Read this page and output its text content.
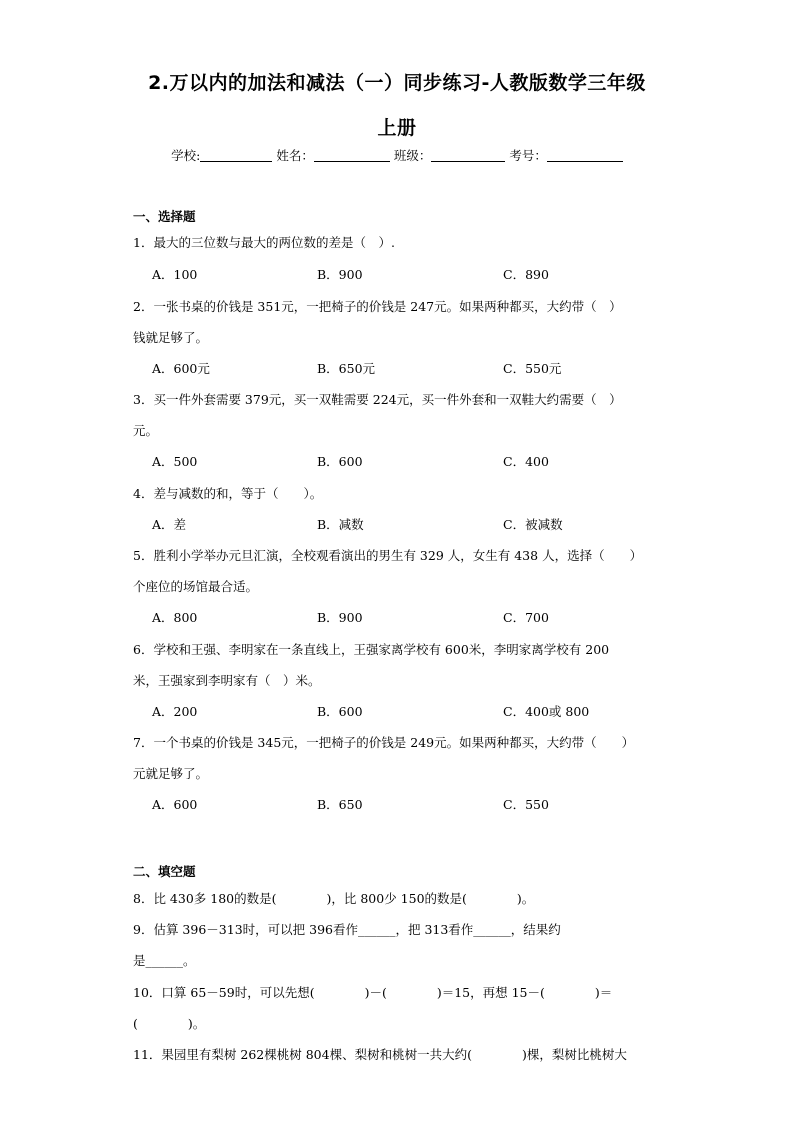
2.万以内的加法和减法（一）同步练习-人教版数学三年级
上册
学校:	姓名：	班级：	考号：
一、选择题
1．最大的三位数与最大的两位数的差是（　）.
A．100	B．900	C．890
2．一张书桌的价钱是 351元，一把椅子的价钱是 247元。如果两种都买，大约带（　）
钱就足够了。
A．600元	B．650元	C．550元
3．买一件外套需要 379元，买一双鞋需要 224元，买一件外套和一双鞋大约需要（　）
元。
A．500	B．600	C．400
4．差与减数的和，等于（　　）。
A．差	B．减数	C．被减数
5．胜利小学举办元旦汇演，全校观看演出的男生有 329 人，女生有 438 人，选择（　　）
个座位的场馆最合适。
A．800	B．900	C．700
6．学校和王强、李明家在一条直线上，王强家离学校有 600米，李明家离学校有 200
米，王强家到李明家有（　）米。
A．200	B．600	C．400或 800
7．一个书桌的价钱是 345元，一把椅子的价钱是 249元。如果两种都买，大约带（　　）
元就足够了。
A．600	B．650	C．550
二、填空题
8．比 430多 180的数是(　　　　)，比 800少 150的数是(　　　　)。
9．估算 396－313时，可以把 396看作______，把 313看作______，结果约
是______。
10．口算 65－59时，可以先想(　　　　)－(　　　　)＝15，再想 15－(　　　　)＝
(　　　　)。
11．果园里有梨树 262棵桃树 804棵、梨树和桃树一共大约(　　　　)棵，梨树比桃树大
